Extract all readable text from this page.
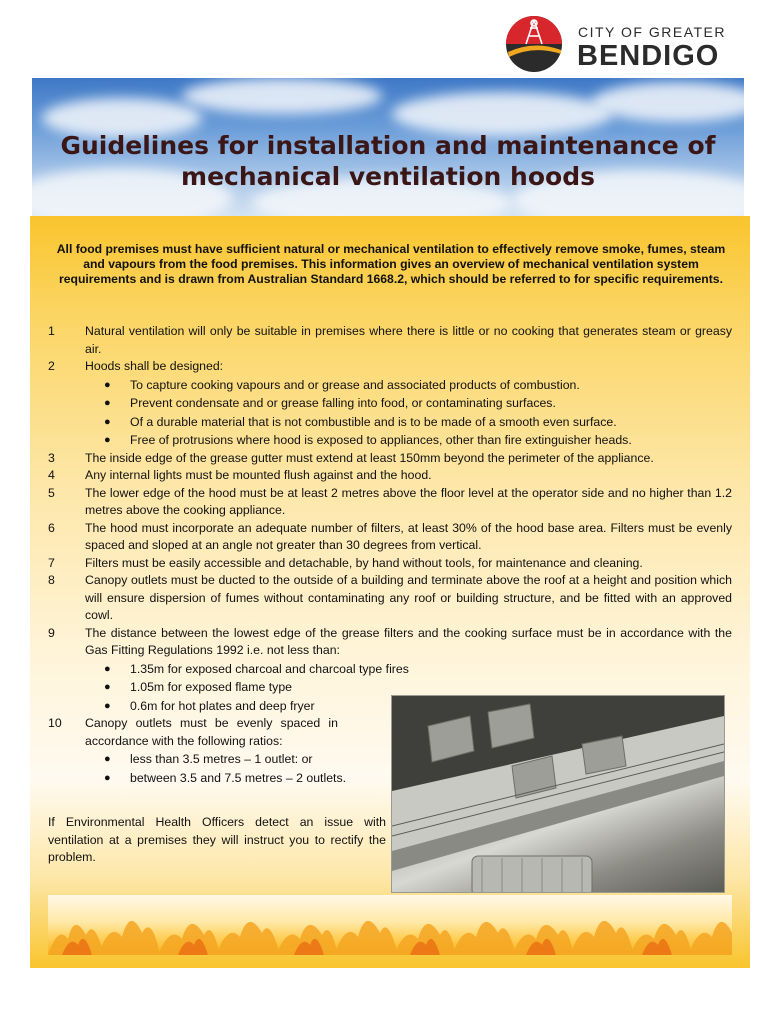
CITY OF GREATER
BENDIGO
Guidelines for installation and maintenance of
mechanical ventilation hoods
All food premises must have sufficient natural or mechanical ventilation to effectively remove smoke, fumes, steam and vapours from the food premises. This information gives an overview of mechanical ventilation system requirements and is drawn from Australian Standard 1668.2, which should be referred to for specific requirements.
1	Natural ventilation will only be suitable in premises where there is little or no cooking that generates steam or greasy air.
2	Hoods shall be designed:
● To capture cooking vapours and or grease and associated products of combustion.
● Prevent condensate and or grease falling into food, or contaminating surfaces.
● Of a durable material that is not combustible and is to be made of a smooth even surface.
● Free of protrusions where hood is exposed to appliances, other than fire extinguisher heads.
3	The inside edge of the grease gutter must extend at least 150mm beyond the perimeter of the appliance.
4	Any internal lights must be mounted flush against and the hood.
5	The lower edge of the hood must be at least 2 metres above the floor level at the operator side and no higher than 1.2 metres above the cooking appliance.
6	The hood must incorporate an adequate number of filters, at least 30% of the hood base area. Filters must be evenly spaced and sloped at an angle not greater than 30 degrees from vertical.
7	Filters must be easily accessible and detachable, by hand without tools, for maintenance and cleaning.
8	Canopy outlets must be ducted to the outside of a building and terminate above the roof at a height and position which will ensure dispersion of fumes without contaminating any roof or building structure, and be fitted with an approved cowl.
9	The distance between the lowest edge of the grease filters and the cooking surface must be in accordance with the Gas Fitting Regulations 1992 i.e. not less than:
● 1.35m for exposed charcoal and charcoal type fires
● 1.05m for exposed flame type
● 0.6m for hot plates and deep fryer
10	Canopy outlets must be evenly spaced in accordance with the following ratios:
● less than 3.5 metres – 1 outlet: or
● between 3.5 and 7.5 metres – 2 outlets.
If Environmental Health Officers detect an issue with ventilation at a premises they will instruct you to rectify the problem.
